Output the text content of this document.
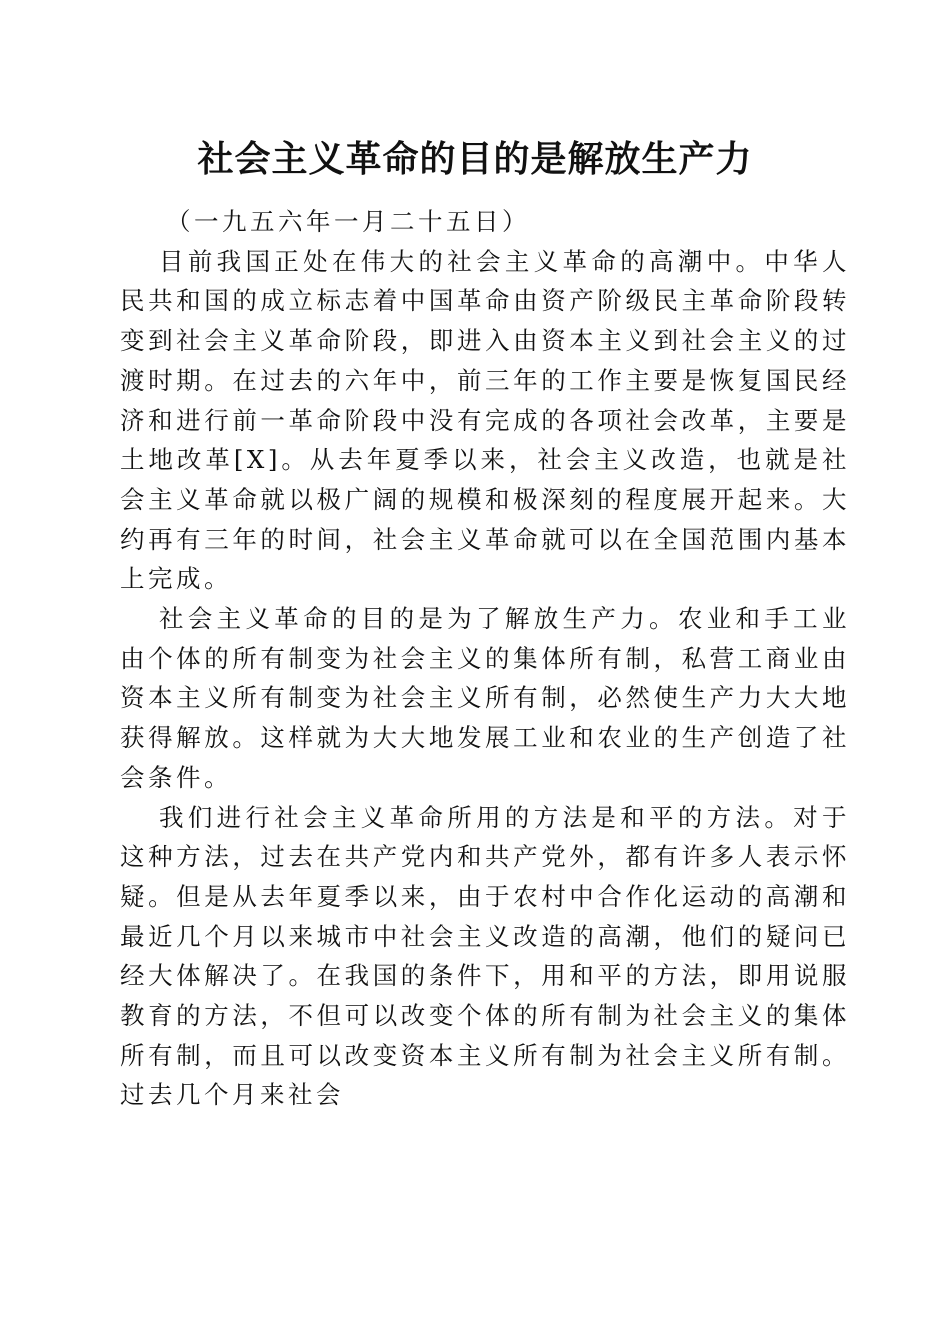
社会主义革命的目的是解放生产力

（一九五六年一月二十五日）

目前我国正处在伟大的社会主义革命的高潮中。中华人民共和国的成立标志着中国革命由资产阶级民主革命阶段转变到社会主义革命阶段，即进入由资本主义到社会主义的过渡时期。在过去的六年中，前三年的工作主要是恢复国民经济和进行前一革命阶段中没有完成的各项社会改革，主要是土地改革[X]。从去年夏季以来，社会主义改造，也就是社会主义革命就以极广阔的规模和极深刻的程度展开起来。大约再有三年的时间，社会主义革命就可以在全国范围内基本上完成。

社会主义革命的目的是为了解放生产力。农业和手工业由个体的所有制变为社会主义的集体所有制，私营工商业由资本主义所有制变为社会主义所有制，必然使生产力大大地获得解放。这样就为大大地发展工业和农业的生产创造了社会条件。

我们进行社会主义革命所用的方法是和平的方法。对于这种方法，过去在共产党内和共产党外，都有许多人表示怀疑。但是从去年夏季以来，由于农村中合作化运动的高潮和最近几个月以来城市中社会主义改造的高潮，他们的疑问已经大体解决了。在我国的条件下，用和平的方法，即用说服教育的方法，不但可以改变个体的所有制为社会主义的集体所有制，而且可以改变资本主义所有制为社会主义所有制。过去几个月来社会
